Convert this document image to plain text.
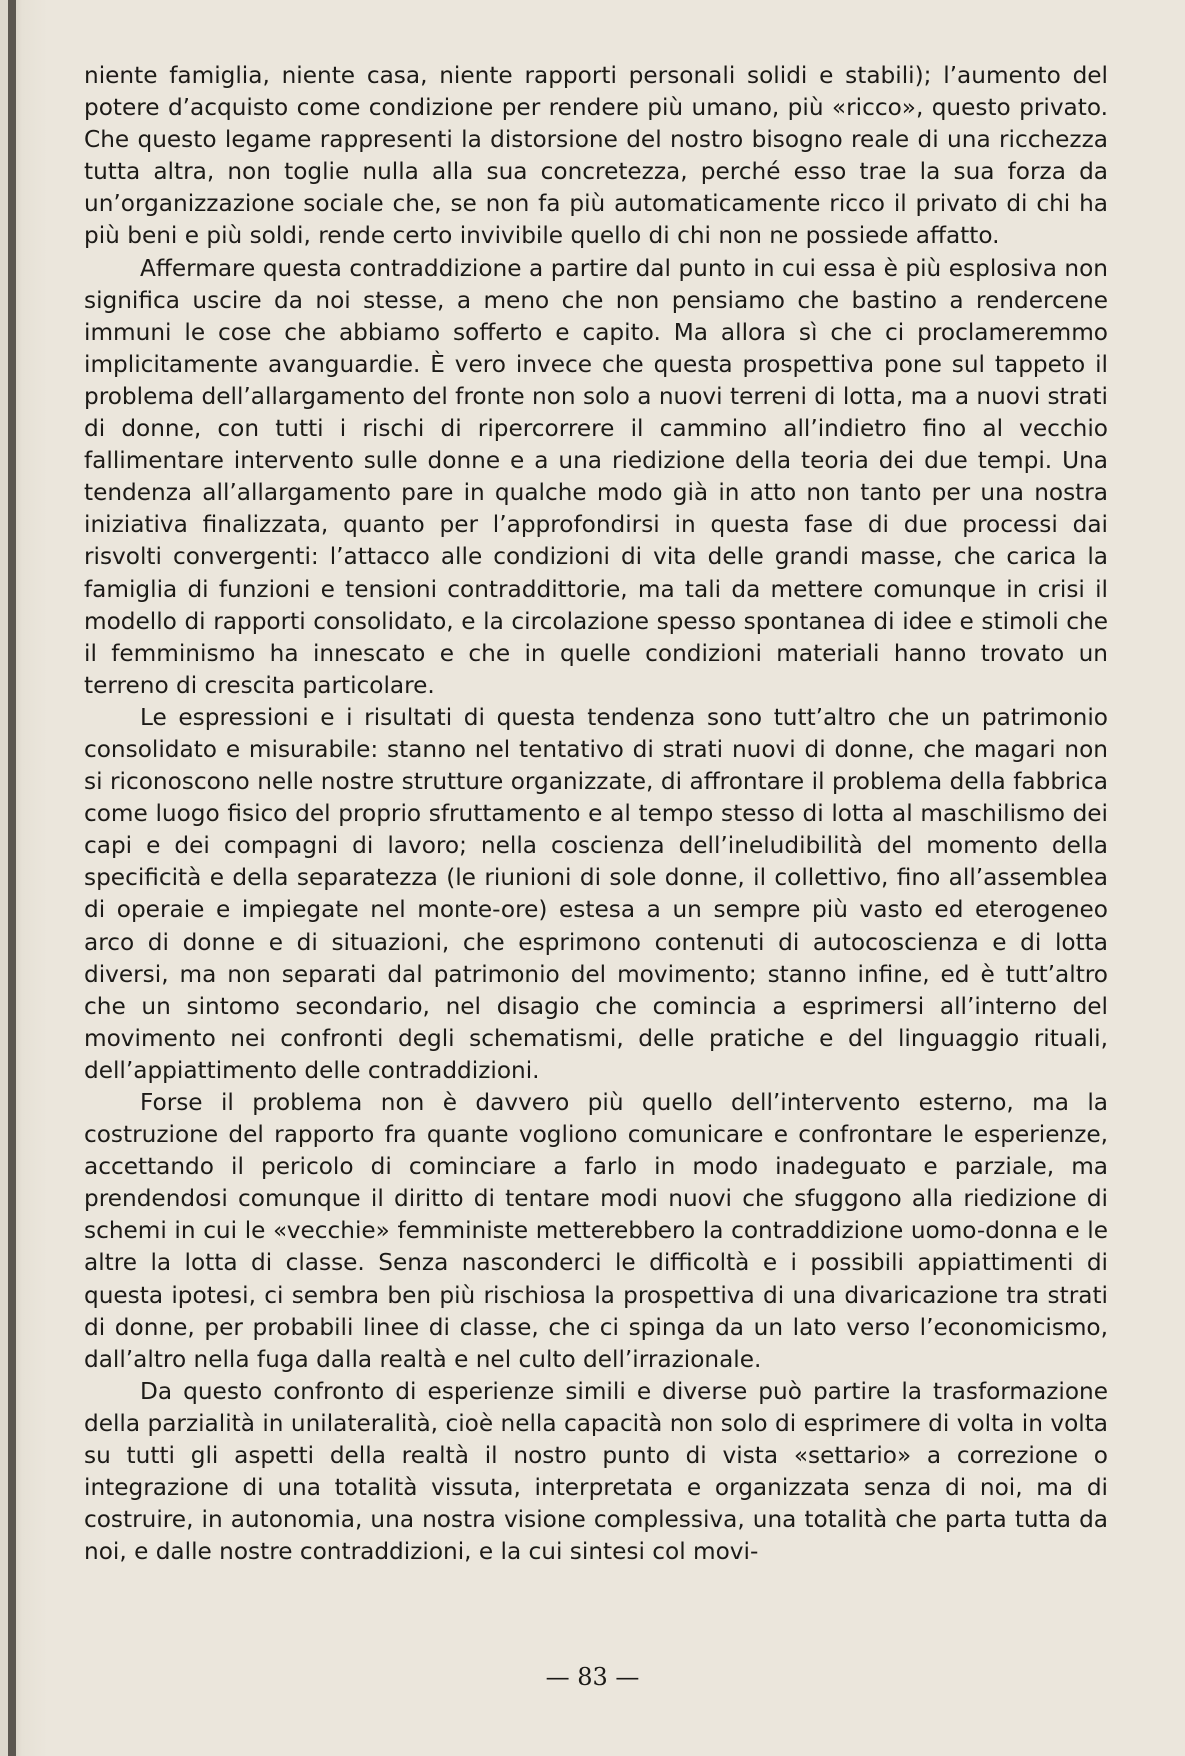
niente famiglia, niente casa, niente rapporti personali solidi e stabili); l’aumento del potere d’acquisto come condizione per rendere più umano, più «ricco», questo privato. Che questo legame rappresenti la distorsione del nostro bisogno reale di una ricchezza tutta altra, non toglie nulla alla sua concretezza, perché esso trae la sua forza da un’organizzazione sociale che, se non fa più automaticamente ricco il privato di chi ha più beni e più soldi, rende certo invivibile quello di chi non ne possiede affatto.

Affermare questa contraddizione a partire dal punto in cui essa è più esplosiva non significa uscire da noi stesse, a meno che non pensiamo che bastino a rendercene immuni le cose che abbiamo sofferto e capito. Ma allora sì che ci proclameremmo implicitamente avanguardie. È vero invece che questa prospettiva pone sul tappeto il problema dell’allargamento del fronte non solo a nuovi terreni di lotta, ma a nuovi strati di donne, con tutti i rischi di ripercorrere il cammino all’indietro fino al vecchio fallimentare intervento sulle donne e a una riedizione della teoria dei due tempi. Una tendenza all’allargamento pare in qualche modo già in atto non tanto per una nostra iniziativa finalizzata, quanto per l’approfondirsi in questa fase di due processi dai risvolti convergenti: l’attacco alle condizioni di vita delle grandi masse, che carica la famiglia di funzioni e tensioni contraddittorie, ma tali da mettere comunque in crisi il modello di rapporti consolidato, e la circolazione spesso spontanea di idee e stimoli che il femminismo ha innescato e che in quelle condizioni materiali hanno trovato un terreno di crescita particolare.

Le espressioni e i risultati di questa tendenza sono tutt’altro che un patrimonio consolidato e misurabile: stanno nel tentativo di strati nuovi di donne, che magari non si riconoscono nelle nostre strutture organizzate, di affrontare il problema della fabbrica come luogo fisico del proprio sfruttamento e al tempo stesso di lotta al maschilismo dei capi e dei compagni di lavoro; nella coscienza dell’ineludibilità del momento della specificità e della separatezza (le riunioni di sole donne, il collettivo, fino all’assemblea di operaie e impiegate nel monte-ore) estesa a un sempre più vasto ed eterogeneo arco di donne e di situazioni, che esprimono contenuti di autocoscienza e di lotta diversi, ma non separati dal patrimonio del movimento; stanno infine, ed è tutt’altro che un sintomo secondario, nel disagio che comincia a esprimersi all’interno del movimento nei confronti degli schematismi, delle pratiche e del linguaggio rituali, dell’appiattimento delle contraddizioni.

Forse il problema non è davvero più quello dell’intervento esterno, ma la costruzione del rapporto fra quante vogliono comunicare e confrontare le esperienze, accettando il pericolo di cominciare a farlo in modo inadeguato e parziale, ma prendendosi comunque il diritto di tentare modi nuovi che sfuggono alla riedizione di schemi in cui le «vecchie» femministe metterebbero la contraddizione uomo-donna e le altre la lotta di classe. Senza nasconderci le difficoltà e i possibili appiattimenti di questa ipotesi, ci sembra ben più rischiosa la prospettiva di una divaricazione tra strati di donne, per probabili linee di classe, che ci spinga da un lato verso l’economicismo, dall’altro nella fuga dalla realtà e nel culto dell’irrazionale.

Da questo confronto di esperienze simili e diverse può partire la trasformazione della parzialità in unilateralità, cioè nella capacità non solo di esprimere di volta in volta su tutti gli aspetti della realtà il nostro punto di vista «settario» a correzione o integrazione di una totalità vissuta, interpretata e organizzata senza di noi, ma di costruire, in autonomia, una nostra visione complessiva, una totalità che parta tutta da noi, e dalle nostre contraddizioni, e la cui sintesi col movi-

— 83 —
